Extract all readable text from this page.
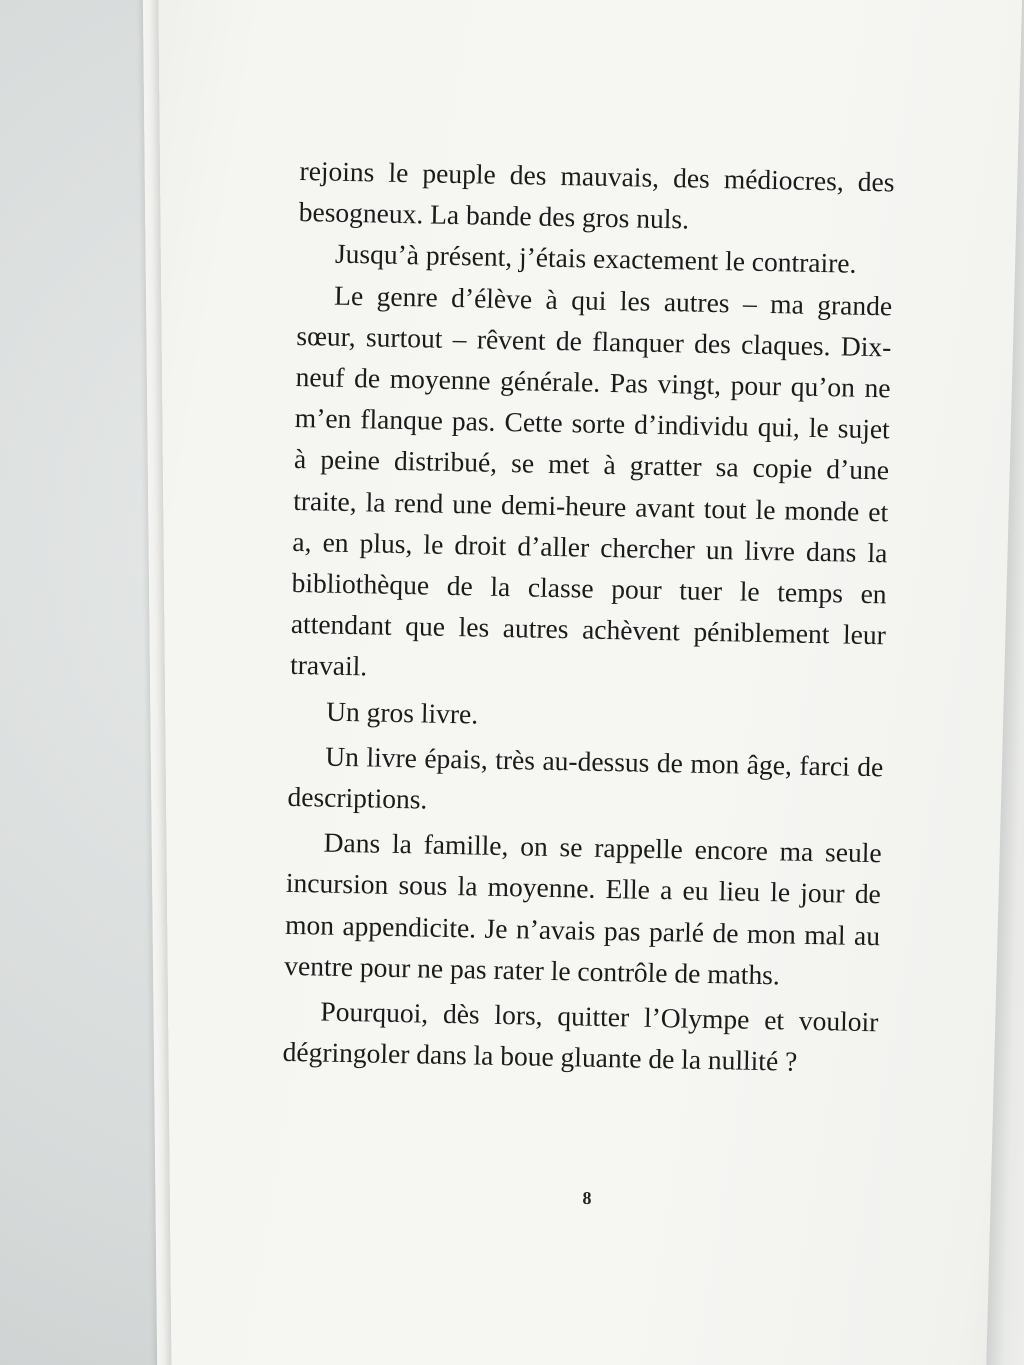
rejoins le peuple des mauvais, des médiocres, des besogneux. La bande des gros nuls.

Jusqu’à présent, j’étais exactement le contraire.

Le genre d’élève à qui les autres – ma grande sœur, surtout – rêvent de flanquer des claques. Dix-neuf de moyenne générale. Pas vingt, pour qu’on ne m’en flanque pas. Cette sorte d’individu qui, le sujet à peine distribué, se met à gratter sa copie d’une traite, la rend une demi-heure avant tout le monde et a, en plus, le droit d’aller chercher un livre dans la bibliothèque de la classe pour tuer le temps en attendant que les autres achèvent péniblement leur travail.

Un gros livre.

Un livre épais, très au-dessus de mon âge, farci de descriptions.

Dans la famille, on se rappelle encore ma seule incursion sous la moyenne. Elle a eu lieu le jour de mon appendicite. Je n’avais pas parlé de mon mal au ventre pour ne pas rater le contrôle de maths.

Pourquoi, dès lors, quitter l’Olympe et vouloir dégringoler dans la boue gluante de la nullité ?

8
